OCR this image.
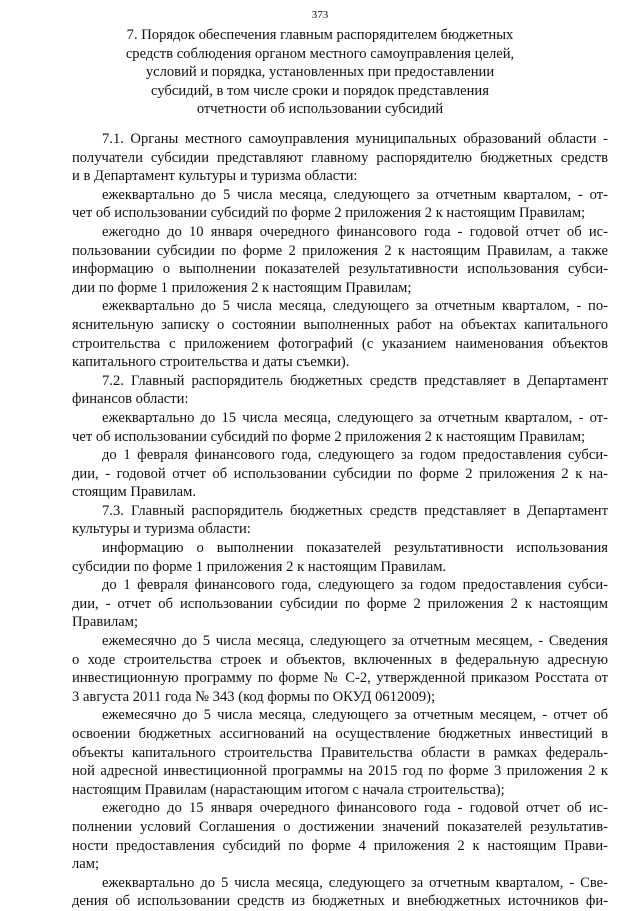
373
7. Порядок обеспечения главным распорядителем бюджетных
средств соблюдения органом местного самоуправления целей,
условий и порядка, установленных при предоставлении
субсидий, в том числе сроки и порядок представления
отчетности об использовании субсидий
7.1. Органы местного самоуправления муниципальных образований области -
получатели субсидии представляют главному распорядителю бюджетных средств
и в Департамент культуры и туризма области:
ежеквартально до 5 числа месяца, следующего за отчетным кварталом, - от-
чет об использовании субсидий по форме 2 приложения 2 к настоящим Правилам;
ежегодно до 10 января очередного финансового года - годовой отчет об ис-
пользовании субсидии по форме 2 приложения 2 к настоящим Правилам, а также
информацию о выполнении показателей результативности использования субси-
дии по форме 1 приложения 2 к настоящим Правилам;
ежеквартально до 5 числа месяца, следующего за отчетным кварталом, - по-
яснительную записку о состоянии выполненных работ на объектах капитального
строительства с приложением фотографий (с указанием наименования объектов
капитального строительства и даты съемки).
7.2. Главный распорядитель бюджетных средств представляет в Департамент
финансов области:
ежеквартально до 15 числа месяца, следующего за отчетным кварталом, - от-
чет об использовании субсидий по форме 2 приложения 2 к настоящим Правилам;
до 1 февраля финансового года, следующего за годом предоставления субси-
дии, - годовой отчет об использовании субсидии по форме 2 приложения 2 к на-
стоящим Правилам.
7.3. Главный распорядитель бюджетных средств представляет в Департамент
культуры и туризма области:
информацию о выполнении показателей результативности использования
субсидии по форме 1 приложения 2 к настоящим Правилам.
до 1 февраля финансового года, следующего за годом предоставления субси-
дии, - отчет об использовании субсидии по форме 2 приложения 2 к настоящим
Правилам;
ежемесячно до 5 числа месяца, следующего за отчетным месяцем, - Сведения
о ходе строительства строек и объектов, включенных в федеральную адресную
инвестиционную программу по форме № С-2, утвержденной приказом Росстата от
3 августа 2011 года № 343 (код формы по ОКУД 0612009);
ежемесячно до 5 числа месяца, следующего за отчетным месяцем, - отчет об
освоении бюджетных ассигнований на осуществление бюджетных инвестиций в
объекты капитального строительства Правительства области в рамках федераль-
ной адресной инвестиционной программы на 2015 год по форме 3 приложения 2 к
настоящим Правилам (нарастающим итогом с начала строительства);
ежегодно до 15 января очередного финансового года - годовой отчет об ис-
полнении условий Соглашения о достижении значений показателей результатив-
ности предоставления субсидий по форме 4 приложения 2 к настоящим Прави-
лам;
ежеквартально до 5 числа месяца, следующего за отчетным кварталом, - Све-
дения об использовании средств из бюджетных и внебюджетных источников фи-
